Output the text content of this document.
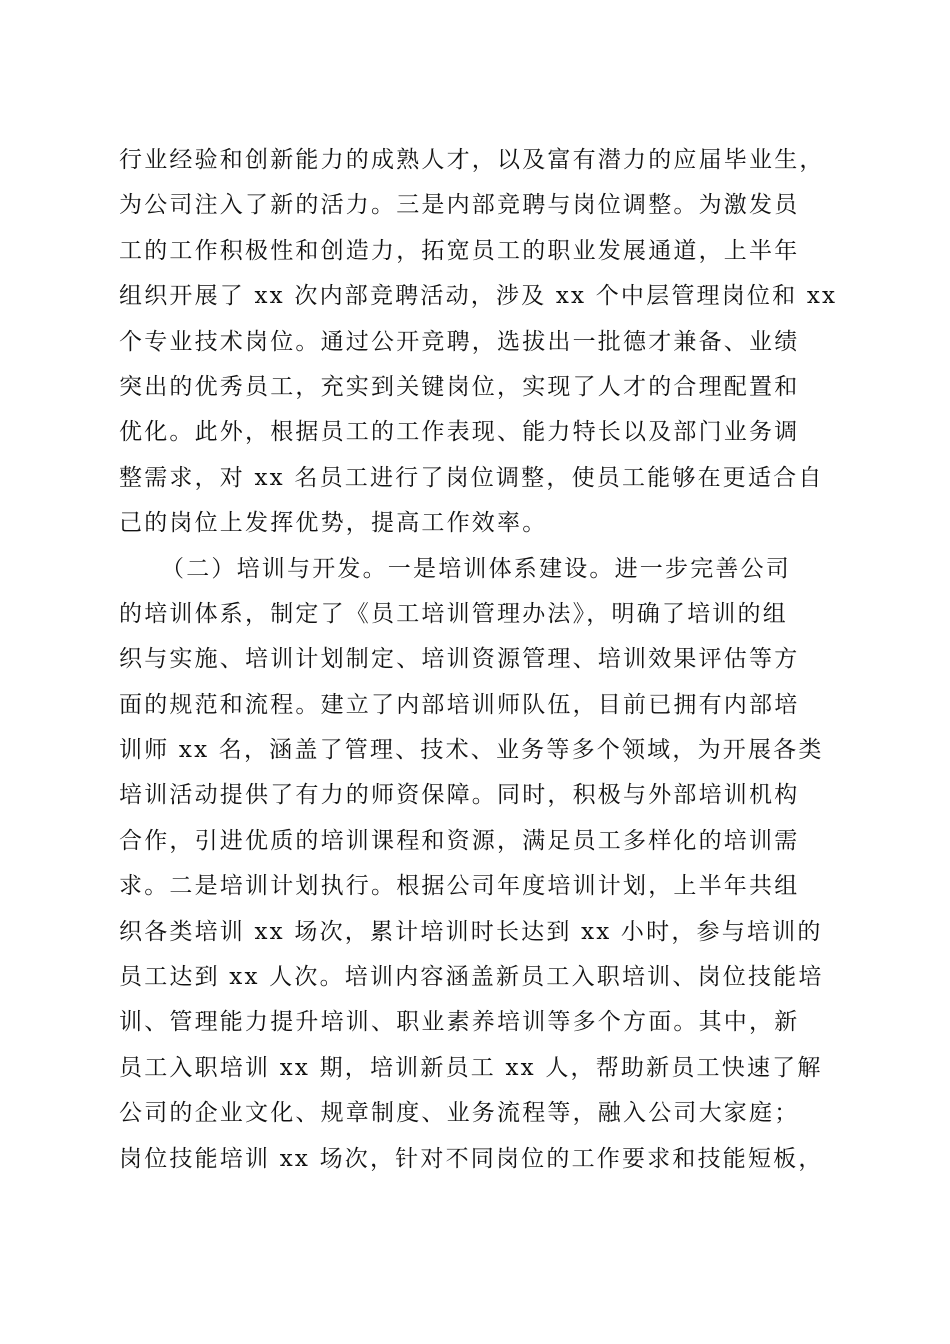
行业经验和创新能力的成熟人才，以及富有潜力的应届毕业生，
为公司注入了新的活力。三是内部竞聘与岗位调整。为激发员
工的工作积极性和创造力，拓宽员工的职业发展通道，上半年
组织开展了 xx 次内部竞聘活动，涉及 xx 个中层管理岗位和 xx
个专业技术岗位。通过公开竞聘，选拔出一批德才兼备、业绩
突出的优秀员工，充实到关键岗位，实现了人才的合理配置和
优化。此外，根据员工的工作表现、能力特长以及部门业务调
整需求，对 xx 名员工进行了岗位调整，使员工能够在更适合自
己的岗位上发挥优势，提高工作效率。
（二）培训与开发。一是培训体系建设。进一步完善公司
的培训体系，制定了《员工培训管理办法》，明确了培训的组
织与实施、培训计划制定、培训资源管理、培训效果评估等方
面的规范和流程。建立了内部培训师队伍，目前已拥有内部培
训师 xx 名，涵盖了管理、技术、业务等多个领域，为开展各类
培训活动提供了有力的师资保障。同时，积极与外部培训机构
合作，引进优质的培训课程和资源，满足员工多样化的培训需
求。二是培训计划执行。根据公司年度培训计划，上半年共组
织各类培训 xx 场次，累计培训时长达到 xx 小时，参与培训的
员工达到 xx 人次。培训内容涵盖新员工入职培训、岗位技能培
训、管理能力提升培训、职业素养培训等多个方面。其中，新
员工入职培训 xx 期，培训新员工 xx 人，帮助新员工快速了解
公司的企业文化、规章制度、业务流程等，融入公司大家庭；
岗位技能培训 xx 场次，针对不同岗位的工作要求和技能短板，
